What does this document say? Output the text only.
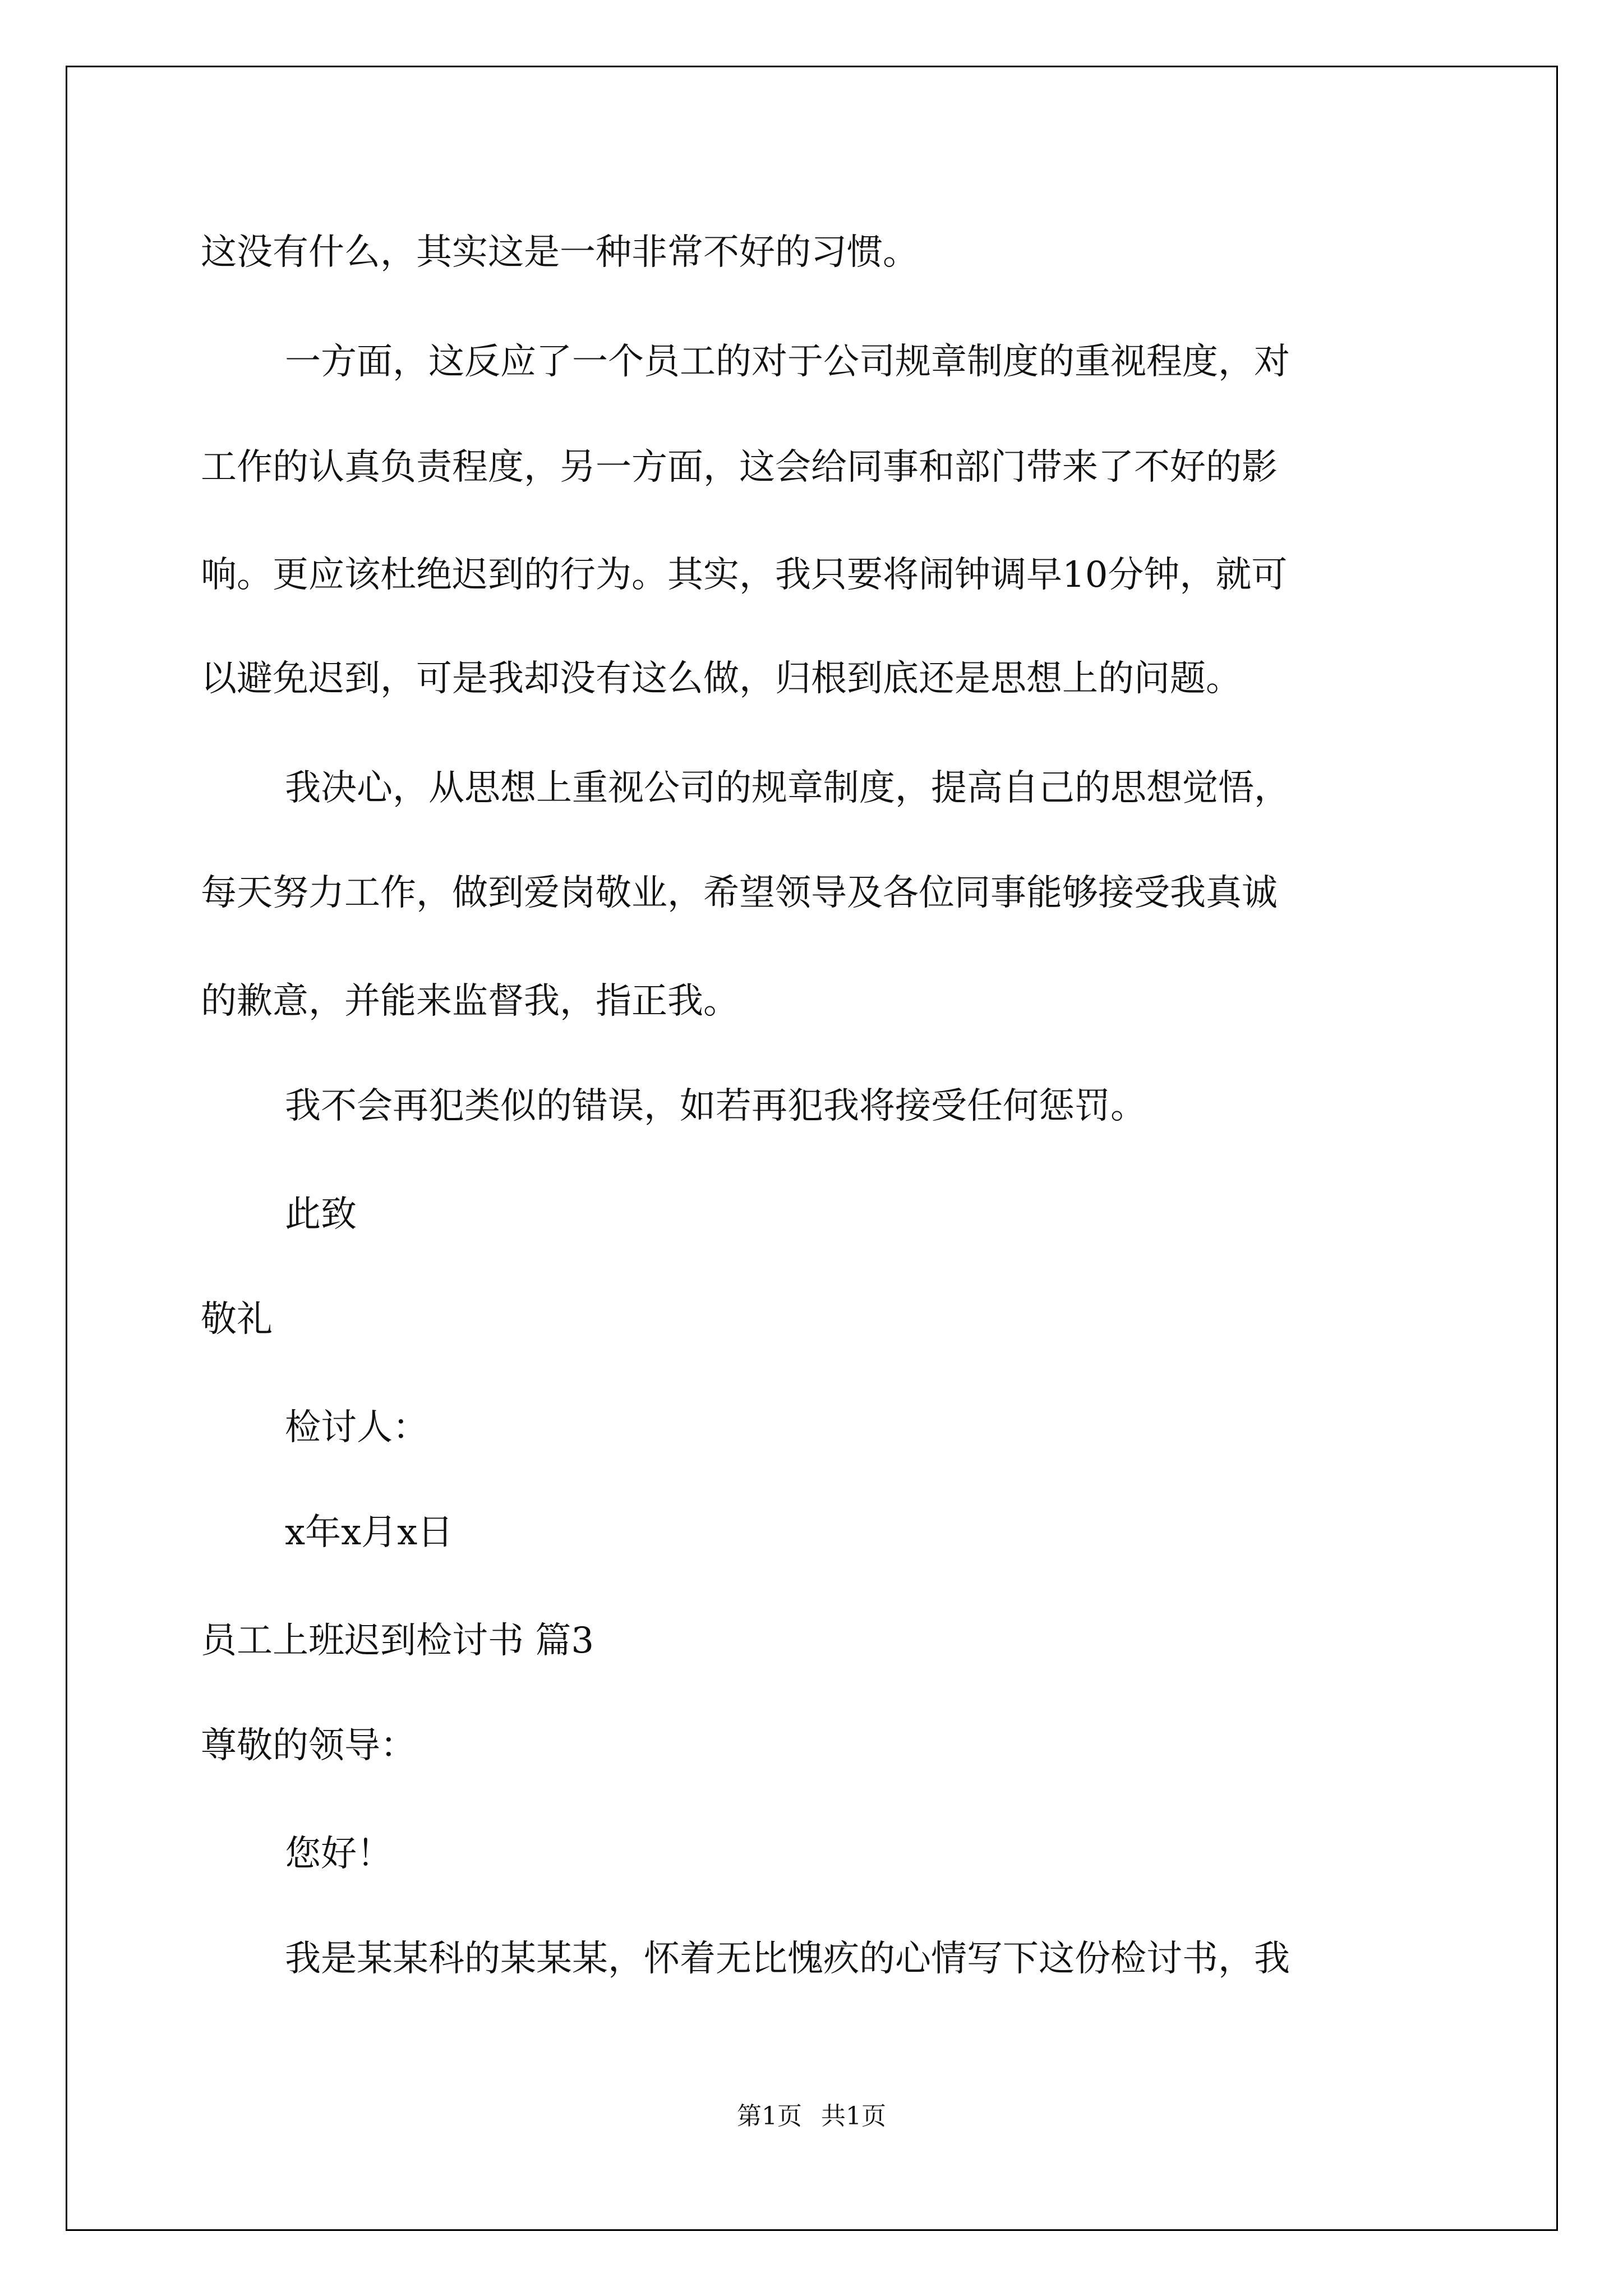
这没有什么，其实这是一种非常不好的习惯。
一方面，这反应了一个员工的对于公司规章制度的重视程度，对
工作的认真负责程度，另一方面，这会给同事和部门带来了不好的影
响。更应该杜绝迟到的行为。其实，我只要将闹钟调早10分钟，就可
以避免迟到，可是我却没有这么做，归根到底还是思想上的问题。
我决心，从思想上重视公司的规章制度，提高自己的思想觉悟，
每天努力工作，做到爱岗敬业，希望领导及各位同事能够接受我真诚
的歉意，并能来监督我，指正我。
我不会再犯类似的错误，如若再犯我将接受任何惩罚。
此致
敬礼
检讨人：
x年x月x日
员工上班迟到检讨书 篇3
尊敬的领导：
您好！
我是某某科的某某某，怀着无比愧疚的心情写下这份检讨书，我
第1页 共1页
